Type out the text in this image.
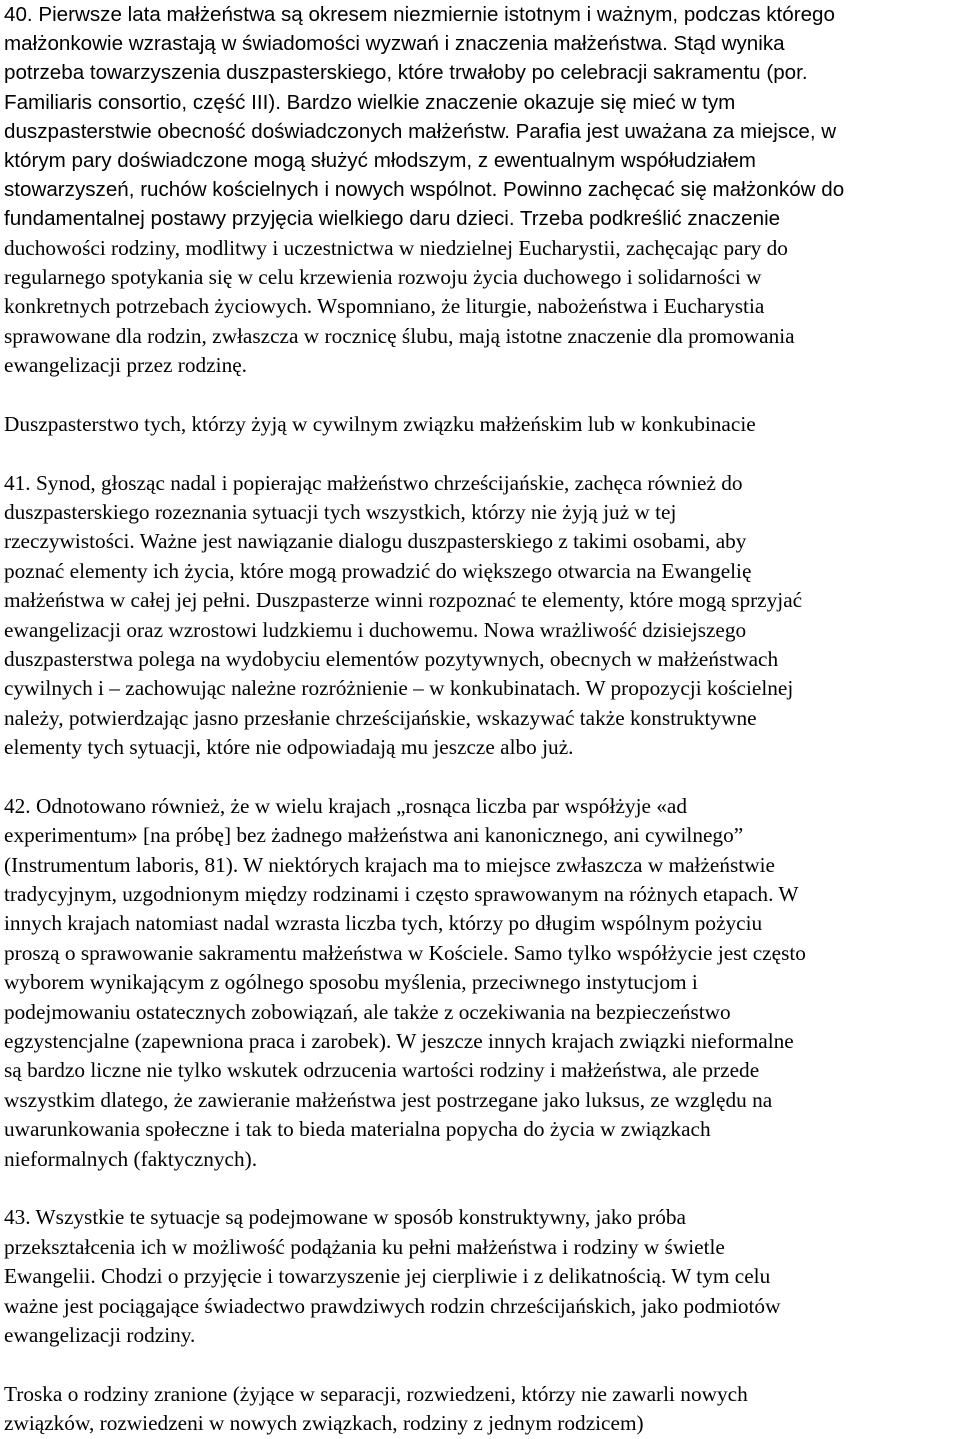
40. Pierwsze lata małżeństwa są okresem niezmiernie istotnym i ważnym, podczas którego
małżonkowie wzrastają w świadomości wyzwań i znaczenia małżeństwa. Stąd wynika
potrzeba towarzyszenia duszpasterskiego, które trwałoby po celebracji sakramentu (por.
Familiaris consortio, część III). Bardzo wielkie znaczenie okazuje się mieć w tym
duszpasterstwie obecność doświadczonych małżeństw. Parafia jest uważana za miejsce, w
którym pary doświadczone mogą służyć młodszym, z ewentualnym współudziałem
stowarzyszeń, ruchów kościelnych i nowych wspólnot. Powinno zachęcać się małżonków do
fundamentalnej postawy przyjęcia wielkiego daru dzieci. Trzeba podkreślić znaczenie
duchowości rodziny, modlitwy i uczestnictwa w niedzielnej Eucharystii, zachęcając pary do
regularnego spotykania się w celu krzewienia rozwoju życia duchowego i solidarności w
konkretnych potrzebach życiowych. Wspomniano, że liturgie, nabożeństwa i Eucharystia
sprawowane dla rodzin, zwłaszcza w rocznicę ślubu, mają istotne znaczenie dla promowania
ewangelizacji przez rodzinę.
Duszpasterstwo tych, którzy żyją w cywilnym związku małżeńskim lub w konkubinacie
41. Synod, głosząc nadal i popierając małżeństwo chrześcijańskie, zachęca również do
duszpasterskiego rozeznania sytuacji tych wszystkich, którzy nie żyją już w tej
rzeczywistości. Ważne jest nawiązanie dialogu duszpasterskiego z takimi osobami, aby
poznać elementy ich życia, które mogą prowadzić do większego otwarcia na Ewangelię
małżeństwa w całej jej pełni. Duszpasterze winni rozpoznać te elementy, które mogą sprzyjać
ewangelizacji oraz wzrostowi ludzkiemu i duchowemu. Nowa wrażliwość dzisiejszego
duszpasterstwa polega na wydobyciu elementów pozytywnych, obecnych w małżeństwach
cywilnych i – zachowując należne rozróżnienie – w konkubinatach. W propozycji kościelnej
należy, potwierdzając jasno przesłanie chrześcijańskie, wskazywać także konstruktywne
elementy tych sytuacji, które nie odpowiadają mu jeszcze albo już.
42. Odnotowano również, że w wielu krajach „rosnąca liczba par współżyje «ad
experimentum» [na próbę] bez żadnego małżeństwa ani kanonicznego, ani cywilnego”
(Instrumentum laboris, 81). W niektórych krajach ma to miejsce zwłaszcza w małżeństwie
tradycyjnym, uzgodnionym między rodzinami i często sprawowanym na różnych etapach. W
innych krajach natomiast nadal wzrasta liczba tych, którzy po długim wspólnym pożyciu
proszą o sprawowanie sakramentu małżeństwa w Kościele. Samo tylko współżycie jest często
wyborem wynikającym z ogólnego sposobu myślenia, przeciwnego instytucjom i
podejmowaniu ostatecznych zobowiązań, ale także z oczekiwania na bezpieczeństwo
egzystencjalne (zapewniona praca i zarobek). W jeszcze innych krajach związki nieformalne
są bardzo liczne nie tylko wskutek odrzucenia wartości rodziny i małżeństwa, ale przede
wszystkim dlatego, że zawieranie małżeństwa jest postrzegane jako luksus, ze względu na
uwarunkowania społeczne i tak to bieda materialna popycha do życia w związkach
nieformalnych (faktycznych).
43. Wszystkie te sytuacje są podejmowane w sposób konstruktywny, jako próba
przekształcenia ich w możliwość podążania ku pełni małżeństwa i rodziny w świetle
Ewangelii. Chodzi o przyjęcie i towarzyszenie jej cierpliwie i z delikatnością. W tym celu
ważne jest pociągające świadectwo prawdziwych rodzin chrześcijańskich, jako podmiotów
ewangelizacji rodziny.
Troska o rodziny zranione (żyjące w separacji, rozwiedzeni, którzy nie zawarli nowych
związków, rozwiedzeni w nowych związkach, rodziny z jednym rodzicem)
